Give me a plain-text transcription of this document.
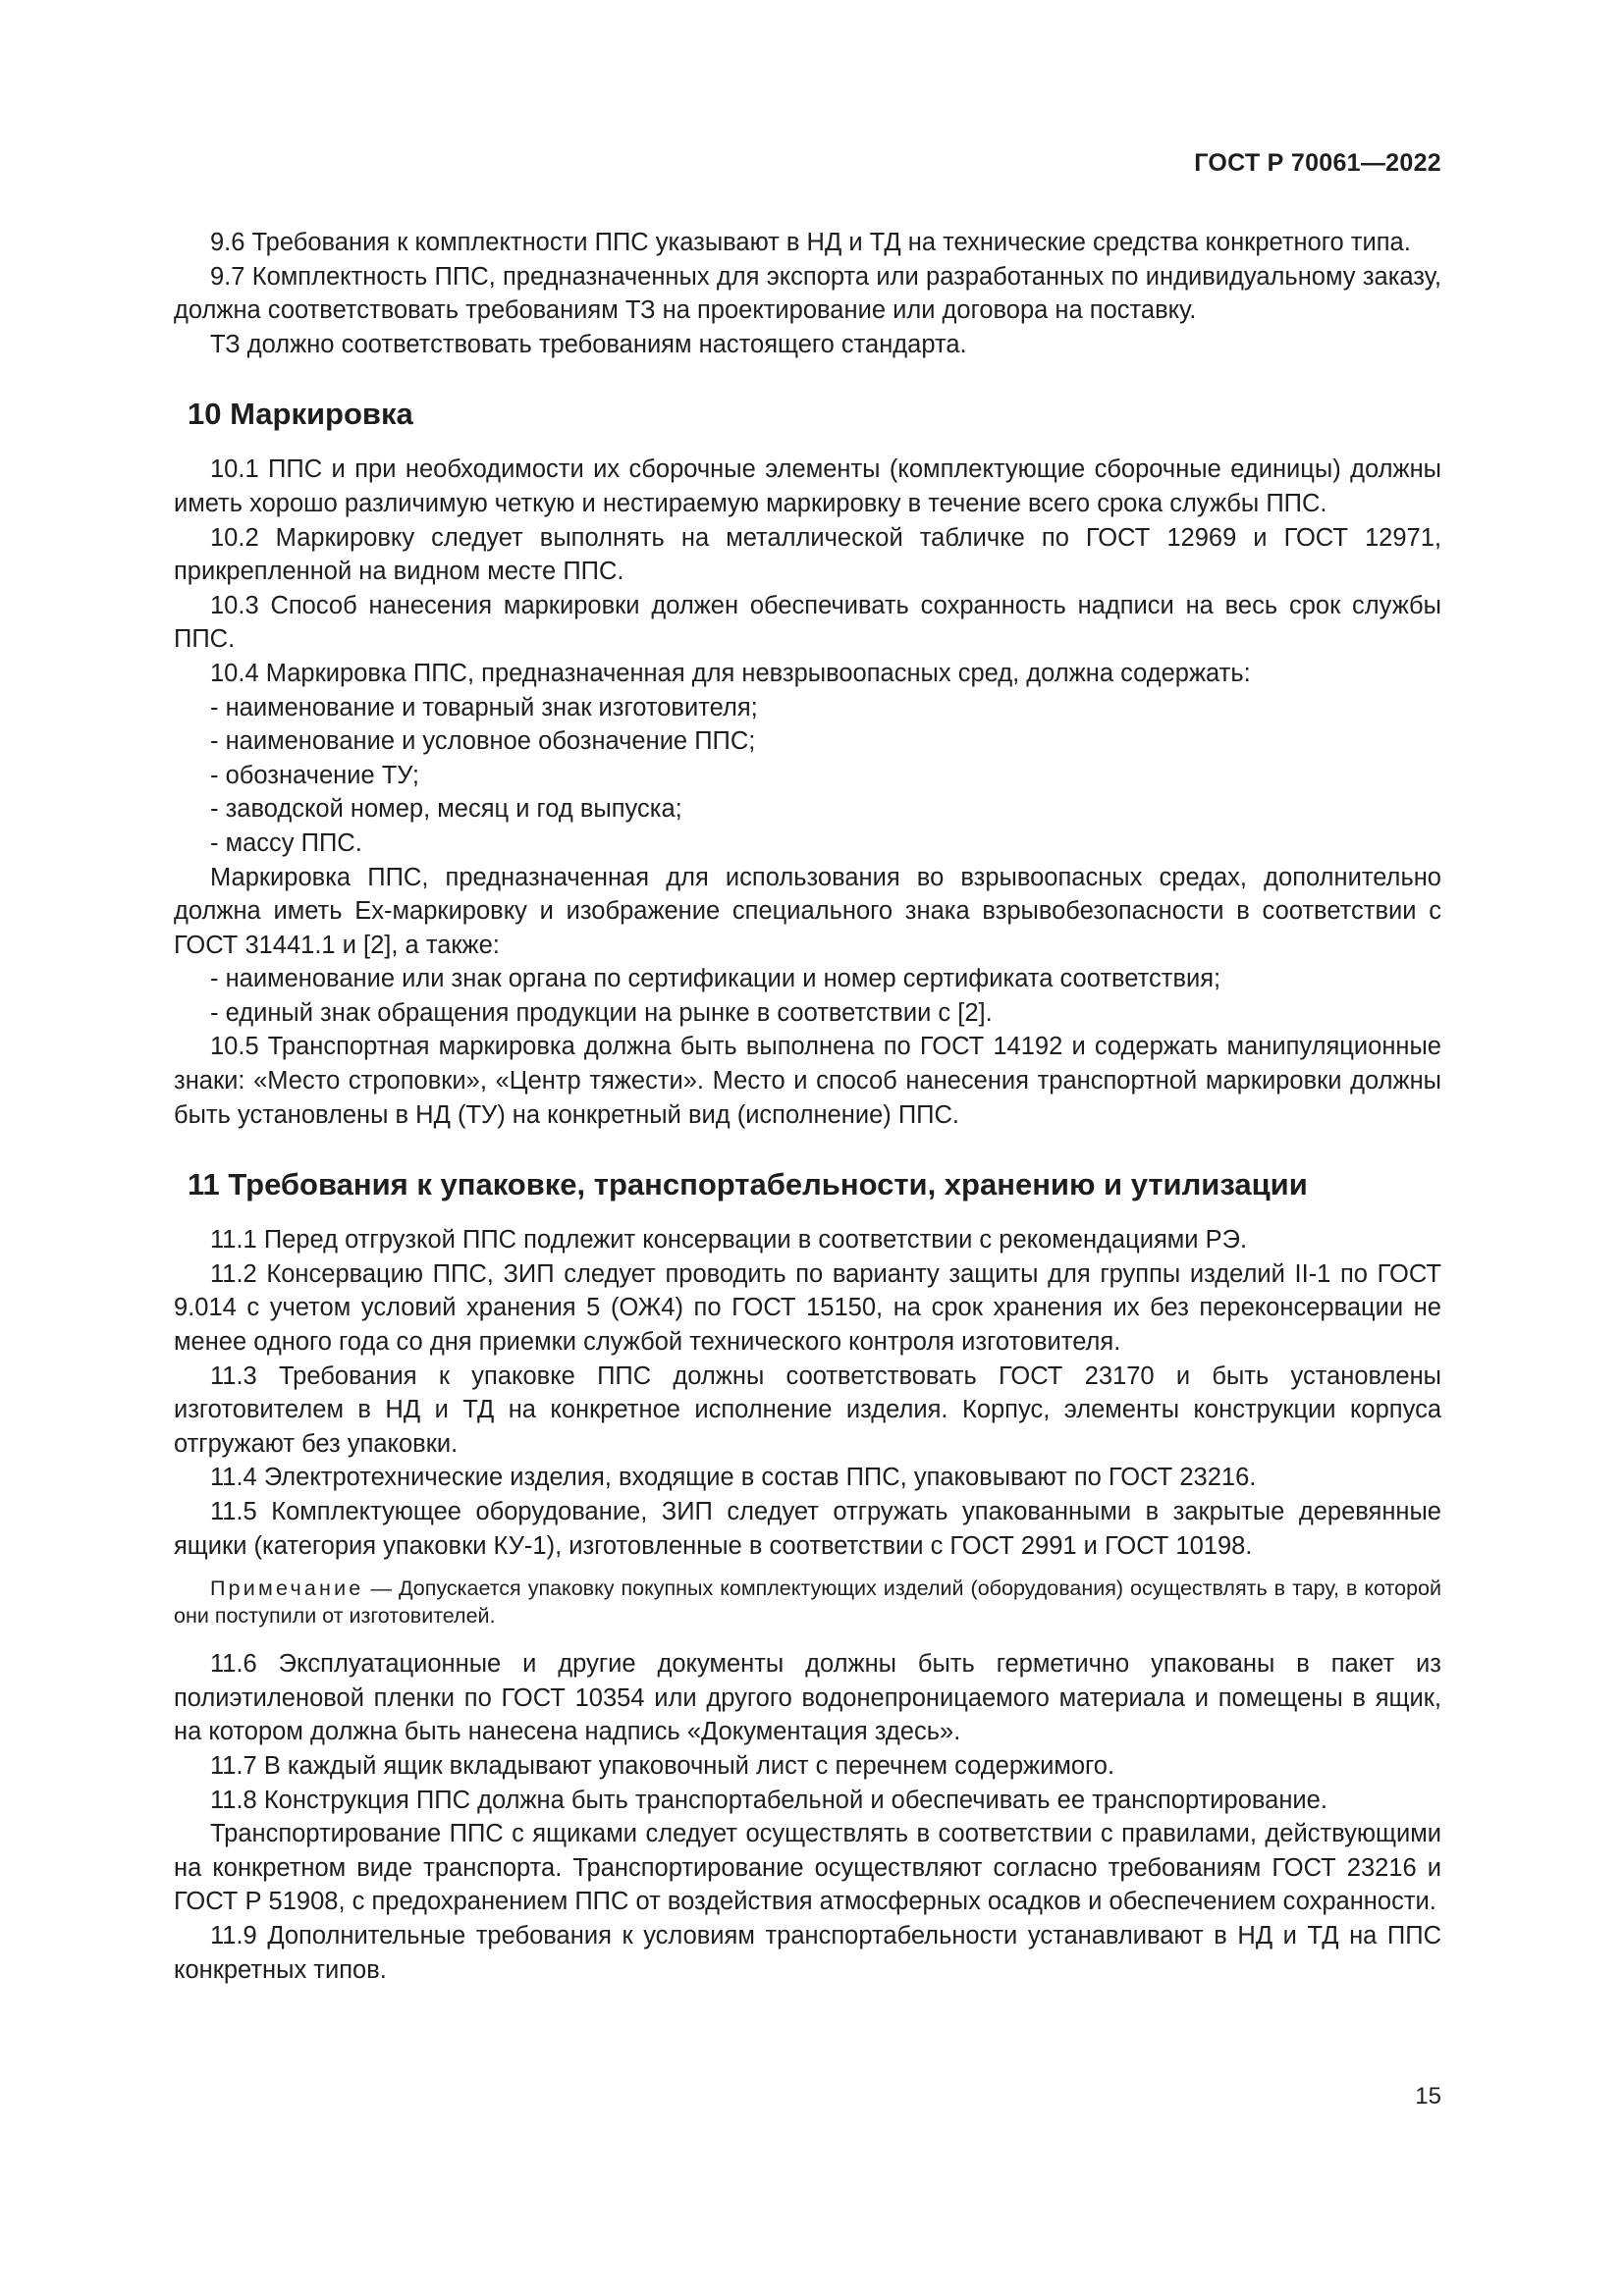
ГОСТ Р 70061—2022

9.6 Требования к комплектности ППС указывают в НД и ТД на технические средства конкретного типа.

9.7 Комплектность ППС, предназначенных для экспорта или разработанных по индивидуальному заказу, должна соответствовать требованиям ТЗ на проектирование или договора на поставку.

ТЗ должно соответствовать требованиям настоящего стандарта.

10 Маркировка

10.1 ППС и при необходимости их сборочные элементы (комплектующие сборочные единицы) должны иметь хорошо различимую четкую и нестираемую маркировку в течение всего срока службы ППС.

10.2 Маркировку следует выполнять на металлической табличке по ГОСТ 12969 и ГОСТ 12971, прикрепленной на видном месте ППС.

10.3 Способ нанесения маркировки должен обеспечивать сохранность надписи на весь срок службы ППС.

10.4 Маркировка ППС, предназначенная для невзрывоопасных сред, должна содержать:

- наименование и товарный знак изготовителя;

- наименование и условное обозначение ППС;

- обозначение ТУ;

- заводской номер, месяц и год выпуска;

- массу ППС.

Маркировка ППС, предназначенная для использования во взрывоопасных средах, дополнительно должна иметь Ex-маркировку и изображение специального знака взрывобезопасности в соответствии с ГОСТ 31441.1 и [2], а также:

- наименование или знак органа по сертификации и номер сертификата соответствия;

- единый знак обращения продукции на рынке в соответствии с [2].

10.5 Транспортная маркировка должна быть выполнена по ГОСТ 14192 и содержать манипуляционные знаки: «Место строповки», «Центр тяжести». Место и способ нанесения транспортной маркировки должны быть установлены в НД (ТУ) на конкретный вид (исполнение) ППС.

11 Требования к упаковке, транспортабельности, хранению и утилизации

11.1 Перед отгрузкой ППС подлежит консервации в соответствии с рекомендациями РЭ.

11.2 Консервацию ППС, ЗИП следует проводить по варианту защиты для группы изделий II-1 по ГОСТ 9.014 с учетом условий хранения 5 (ОЖ4) по ГОСТ 15150, на срок хранения их без переконсервации не менее одного года со дня приемки службой технического контроля изготовителя.

11.3 Требования к упаковке ППС должны соответствовать ГОСТ 23170 и быть установлены изготовителем в НД и ТД на конкретное исполнение изделия. Корпус, элементы конструкции корпуса отгружают без упаковки.

11.4 Электротехнические изделия, входящие в состав ППС, упаковывают по ГОСТ 23216.

11.5 Комплектующее оборудование, ЗИП следует отгружать упакованными в закрытые деревянные ящики (категория упаковки КУ-1), изготовленные в соответствии с ГОСТ 2991 и ГОСТ 10198.

Примечание — Допускается упаковку покупных комплектующих изделий (оборудования) осуществлять в тару, в которой они поступили от изготовителей.

11.6 Эксплуатационные и другие документы должны быть герметично упакованы в пакет из полиэтиленовой пленки по ГОСТ 10354 или другого водонепроницаемого материала и помещены в ящик, на котором должна быть нанесена надпись «Документация здесь».

11.7 В каждый ящик вкладывают упаковочный лист с перечнем содержимого.

11.8 Конструкция ППС должна быть транспортабельной и обеспечивать ее транспортирование.

Транспортирование ППС с ящиками следует осуществлять в соответствии с правилами, действующими на конкретном виде транспорта. Транспортирование осуществляют согласно требованиям ГОСТ 23216 и ГОСТ Р 51908, с предохранением ППС от воздействия атмосферных осадков и обеспечением сохранности.

11.9 Дополнительные требования к условиям транспортабельности устанавливают в НД и ТД на ППС конкретных типов.

15
